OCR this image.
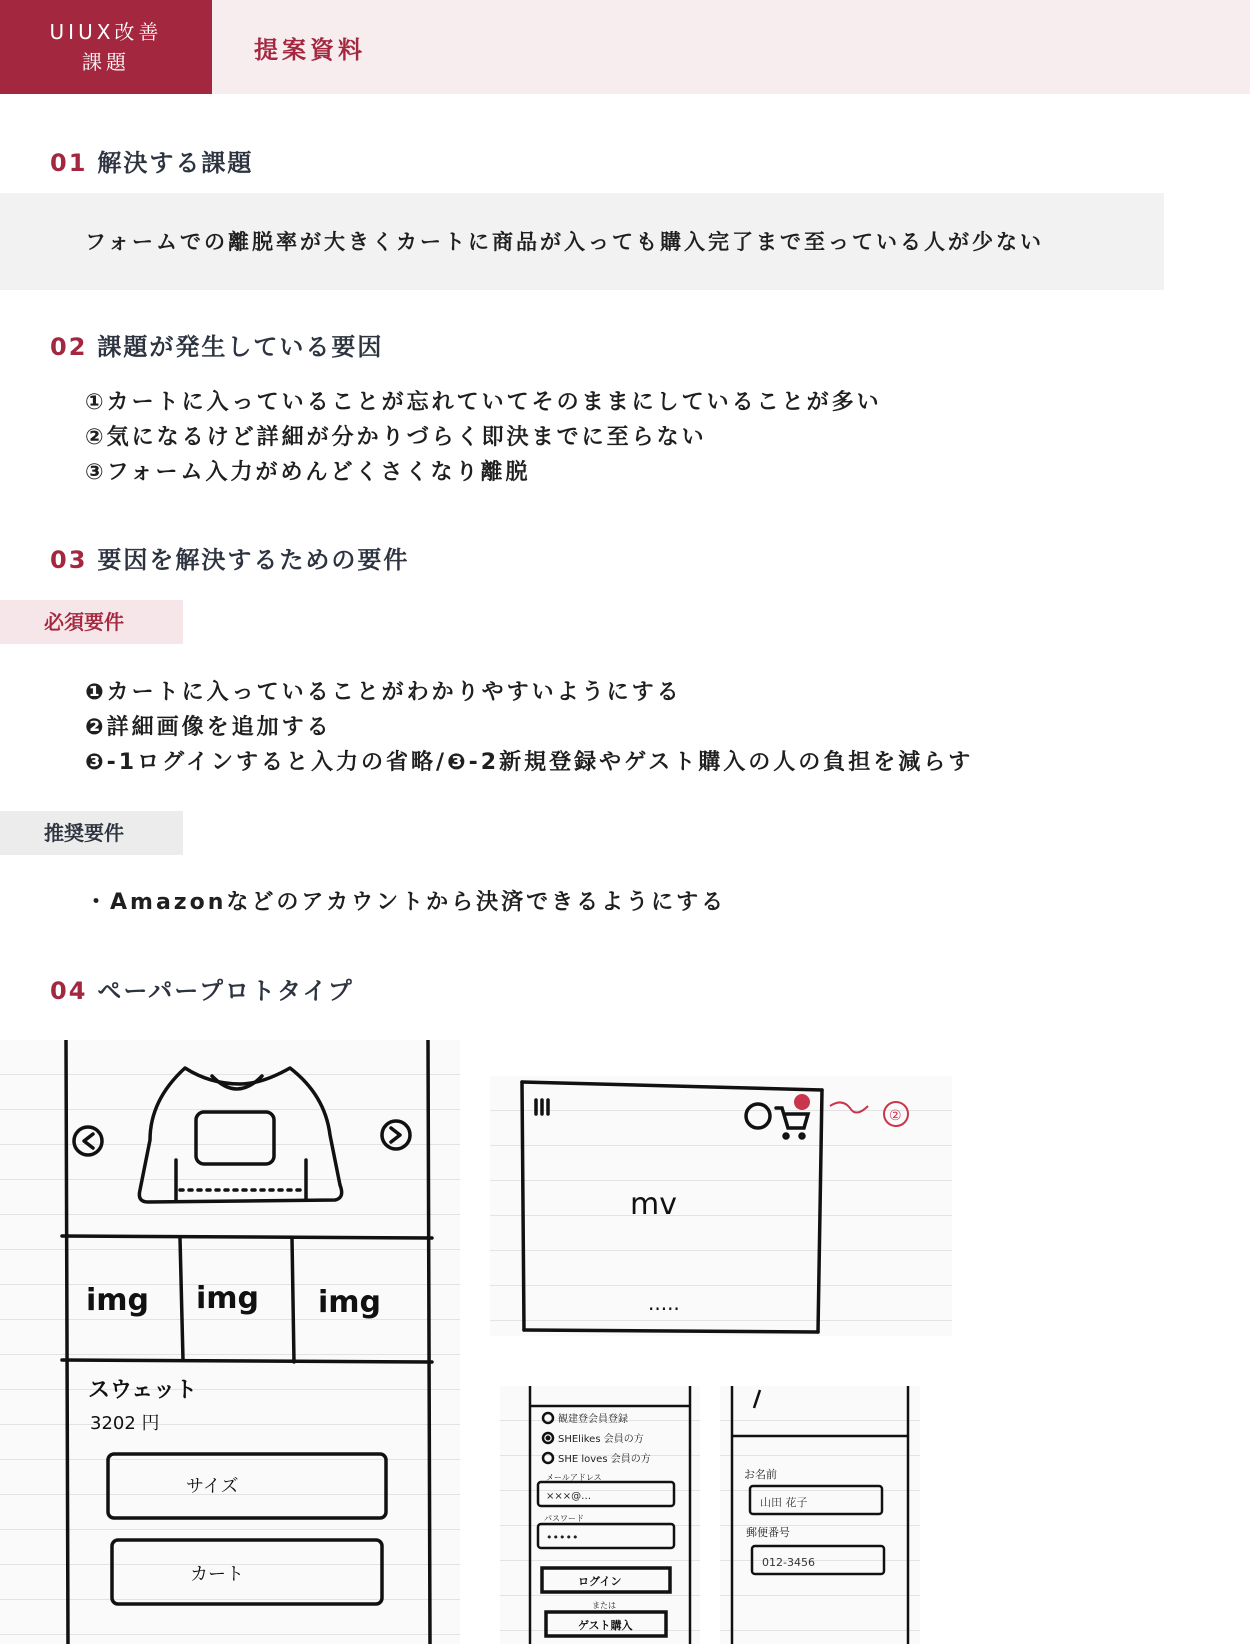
UIUX改善
課題	提案資料
01 解決する課題
フォームでの離脱率が大きくカートに商品が入っても購入完了まで至っている人が少ない
02 課題が発生している要因
①カートに入っていることが忘れていてそのままにしていることが多い
②気になるけど詳細が分かりづらく即決までに至らない
③フォーム入力がめんどくさくなり離脱
03 要因を解決するための要件
必須要件
❶カートに入っていることがわかりやすいようにする
❷詳細画像を追加する
❸-1ログインすると入力の省略/❸-2新規登録やゲスト購入の人の負担を減らす
推奨要件
・Amazonなどのアカウントから決済できるようにする
04 ペーパープロトタイプ
img img img
スウェット
3202 円
サイズ
カート
②
mv
.....
観建登会員登録
SHElikes 会員の方
SHE loves 会員の方
メールアドレス
×××@…
パスワード
•••••
ログイン
または
ゲスト購入
お名前
山田 花子
郵便番号
012-3456
